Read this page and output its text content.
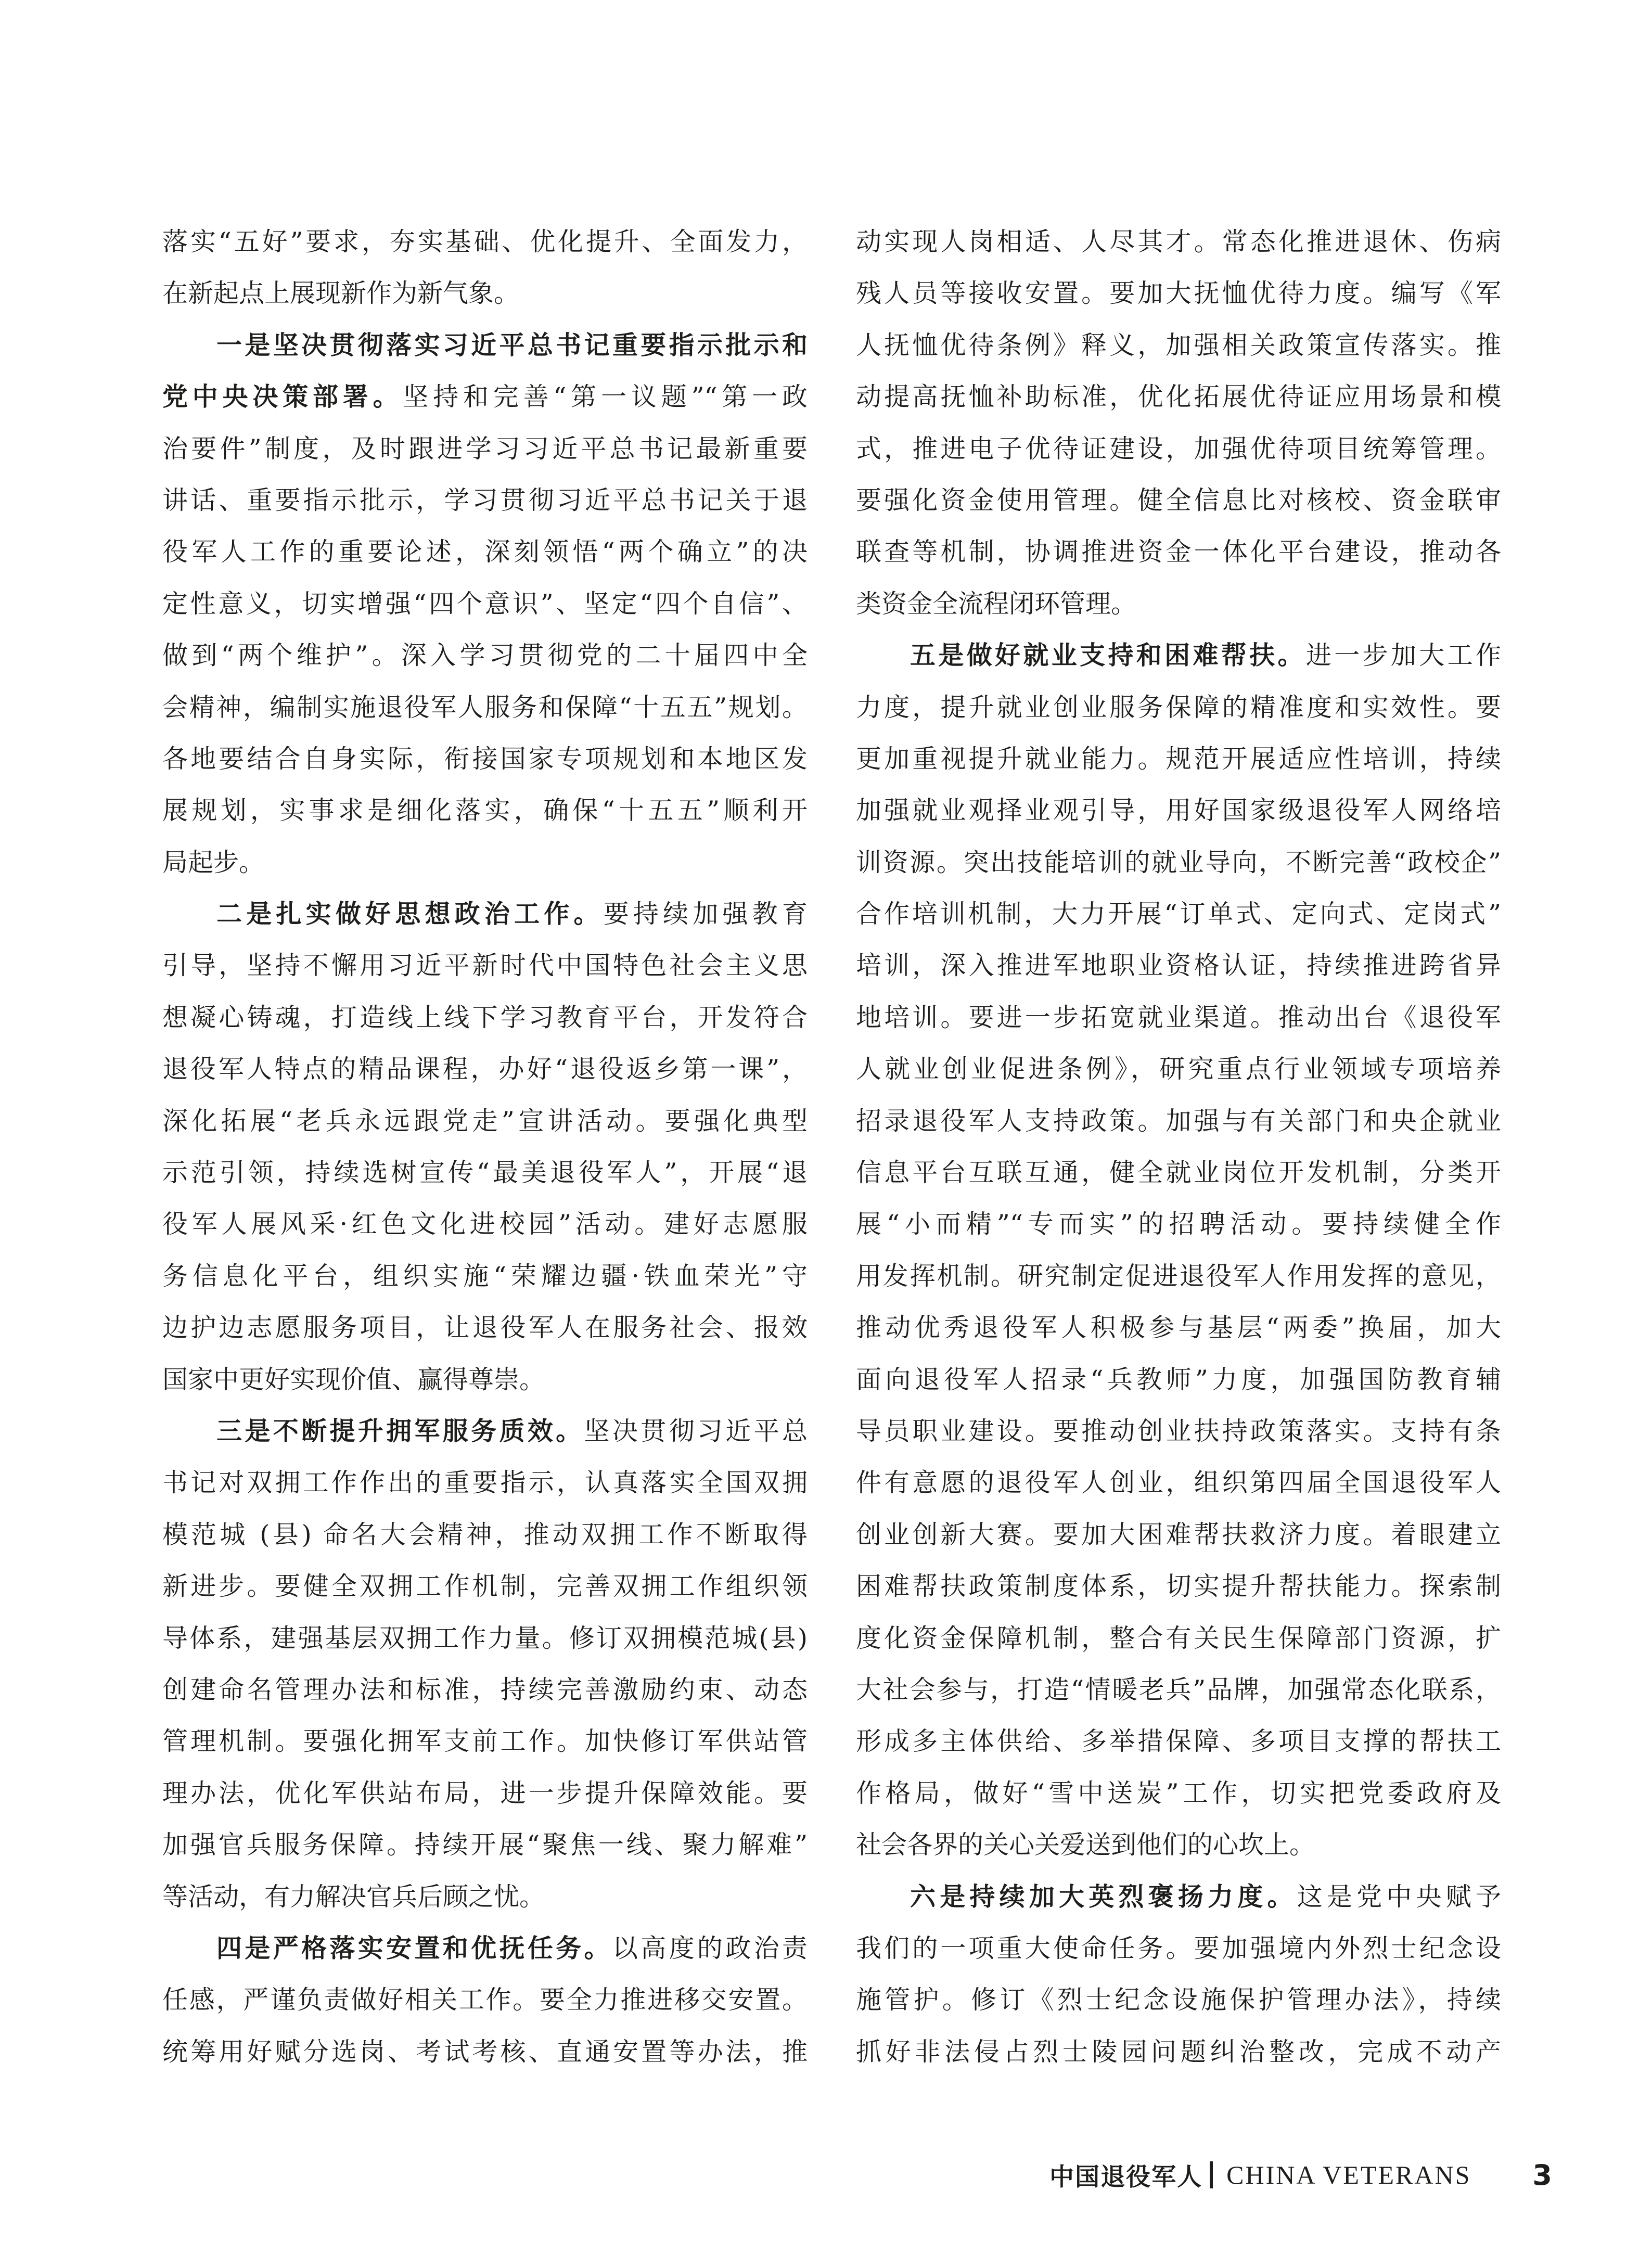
落实“五好”要求，夯实基础、优化提升、全面发力，
在新起点上展现新作为新气象。
一是坚决贯彻落实习近平总书记重要指示批示和
党中央决策部署。坚持和完善“第一议题”“第一政
治要件”制度，及时跟进学习习近平总书记最新重要
讲话、重要指示批示，学习贯彻习近平总书记关于退
役军人工作的重要论述，深刻领悟“两个确立”的决
定性意义，切实增强“四个意识”、坚定“四个自信”、
做到“两个维护”。深入学习贯彻党的二十届四中全
会精神，编制实施退役军人服务和保障“十五五”规划。
各地要结合自身实际，衔接国家专项规划和本地区发
展规划，实事求是细化落实，确保“十五五”顺利开
局起步。
二是扎实做好思想政治工作。要持续加强教育
引导，坚持不懈用习近平新时代中国特色社会主义思
想凝心铸魂，打造线上线下学习教育平台，开发符合
退役军人特点的精品课程，办好“退役返乡第一课”，
深化拓展“老兵永远跟党走”宣讲活动。要强化典型
示范引领，持续选树宣传“最美退役军人”，开展“退
役军人展风采·红色文化进校园”活动。建好志愿服
务信息化平台，组织实施“荣耀边疆·铁血荣光”守
边护边志愿服务项目，让退役军人在服务社会、报效
国家中更好实现价值、赢得尊崇。
三是不断提升拥军服务质效。坚决贯彻习近平总
书记对双拥工作作出的重要指示，认真落实全国双拥
模范城 (县) 命名大会精神，推动双拥工作不断取得
新进步。要健全双拥工作机制，完善双拥工作组织领
导体系，建强基层双拥工作力量。修订双拥模范城(县)
创建命名管理办法和标准，持续完善激励约束、动态
管理机制。要强化拥军支前工作。加快修订军供站管
理办法，优化军供站布局，进一步提升保障效能。要
加强官兵服务保障。持续开展“聚焦一线、聚力解难”
等活动，有力解决官兵后顾之忧。
四是严格落实安置和优抚任务。以高度的政治责
任感，严谨负责做好相关工作。要全力推进移交安置。
统筹用好赋分选岗、考试考核、直通安置等办法，推
动实现人岗相适、人尽其才。常态化推进退休、伤病
残人员等接收安置。要加大抚恤优待力度。编写《军
人抚恤优待条例》释义，加强相关政策宣传落实。推
动提高抚恤补助标准，优化拓展优待证应用场景和模
式，推进电子优待证建设，加强优待项目统筹管理。
要强化资金使用管理。健全信息比对核校、资金联审
联查等机制，协调推进资金一体化平台建设，推动各
类资金全流程闭环管理。
五是做好就业支持和困难帮扶。进一步加大工作
力度，提升就业创业服务保障的精准度和实效性。要
更加重视提升就业能力。规范开展适应性培训，持续
加强就业观择业观引导，用好国家级退役军人网络培
训资源。突出技能培训的就业导向，不断完善“政校企”
合作培训机制，大力开展“订单式、定向式、定岗式”
培训，深入推进军地职业资格认证，持续推进跨省异
地培训。要进一步拓宽就业渠道。推动出台《退役军
人就业创业促进条例》，研究重点行业领域专项培养
招录退役军人支持政策。加强与有关部门和央企就业
信息平台互联互通，健全就业岗位开发机制，分类开
展“小而精”“专而实”的招聘活动。要持续健全作
用发挥机制。研究制定促进退役军人作用发挥的意见，
推动优秀退役军人积极参与基层“两委”换届，加大
面向退役军人招录“兵教师”力度，加强国防教育辅
导员职业建设。要推动创业扶持政策落实。支持有条
件有意愿的退役军人创业，组织第四届全国退役军人
创业创新大赛。要加大困难帮扶救济力度。着眼建立
困难帮扶政策制度体系，切实提升帮扶能力。探索制
度化资金保障机制，整合有关民生保障部门资源，扩
大社会参与，打造“情暖老兵”品牌，加强常态化联系，
形成多主体供给、多举措保障、多项目支撑的帮扶工
作格局，做好“雪中送炭”工作，切实把党委政府及
社会各界的关心关爱送到他们的心坎上。
六是持续加大英烈褒扬力度。这是党中央赋予
我们的一项重大使命任务。要加强境内外烈士纪念设
施管护。修订《烈士纪念设施保护管理办法》，持续
抓好非法侵占烈士陵园问题纠治整改，完成不动产
中国退役军人 CHINA VETERANS 3
